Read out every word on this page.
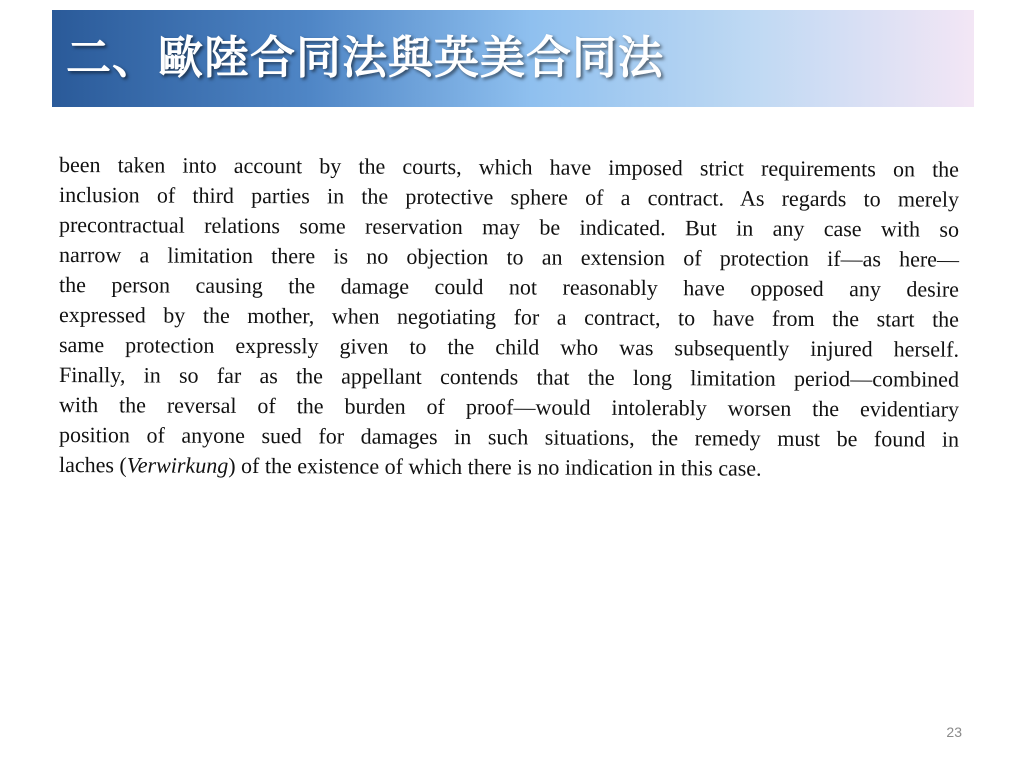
二、歐陸合同法與英美合同法
been taken into account by the courts, which have imposed strict requirements on the
inclusion of third parties in the protective sphere of a contract. As regards to merely
precontractual relations some reservation may be indicated. But in any case with so
narrow a limitation there is no objection to an extension of protection if—as here—
the person causing the damage could not reasonably have opposed any desire
expressed by the mother, when negotiating for a contract, to have from the start the
same protection expressly given to the child who was subsequently injured herself.
Finally, in so far as the appellant contends that the long limitation period—combined
with the reversal of the burden of proof—would intolerably worsen the evidentiary
position of anyone sued for damages in such situations, the remedy must be found in
laches (Verwirkung) of the existence of which there is no indication in this case.
23
